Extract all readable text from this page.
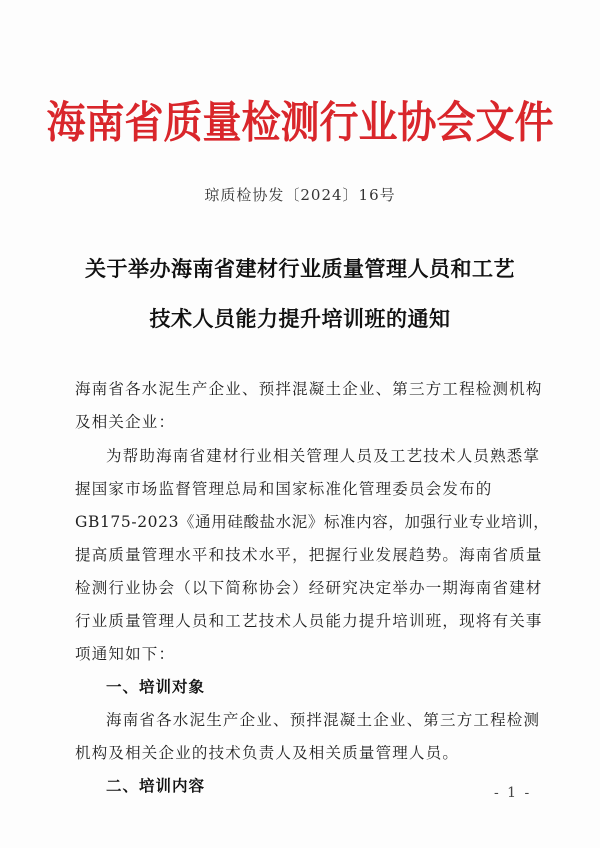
海南省质量检测行业协会文件
琼质检协发〔2024〕16号
关于举办海南省建材行业质量管理人员和工艺
技术人员能力提升培训班的通知
海南省各水泥生产企业、预拌混凝土企业、第三方工程检测机构
及相关企业：
为帮助海南省建材行业相关管理人员及工艺技术人员熟悉掌
握国家市场监督管理总局和国家标准化管理委员会发布的
GB175-2023《通用硅酸盐水泥》标准内容，加强行业专业培训，
提高质量管理水平和技术水平，把握行业发展趋势。海南省质量
检测行业协会（以下简称协会）经研究决定举办一期海南省建材
行业质量管理人员和工艺技术人员能力提升培训班，现将有关事
项通知如下：
一、培训对象
海南省各水泥生产企业、预拌混凝土企业、第三方工程检测
机构及相关企业的技术负责人及相关质量管理人员。
二、培训内容	- 1 -
